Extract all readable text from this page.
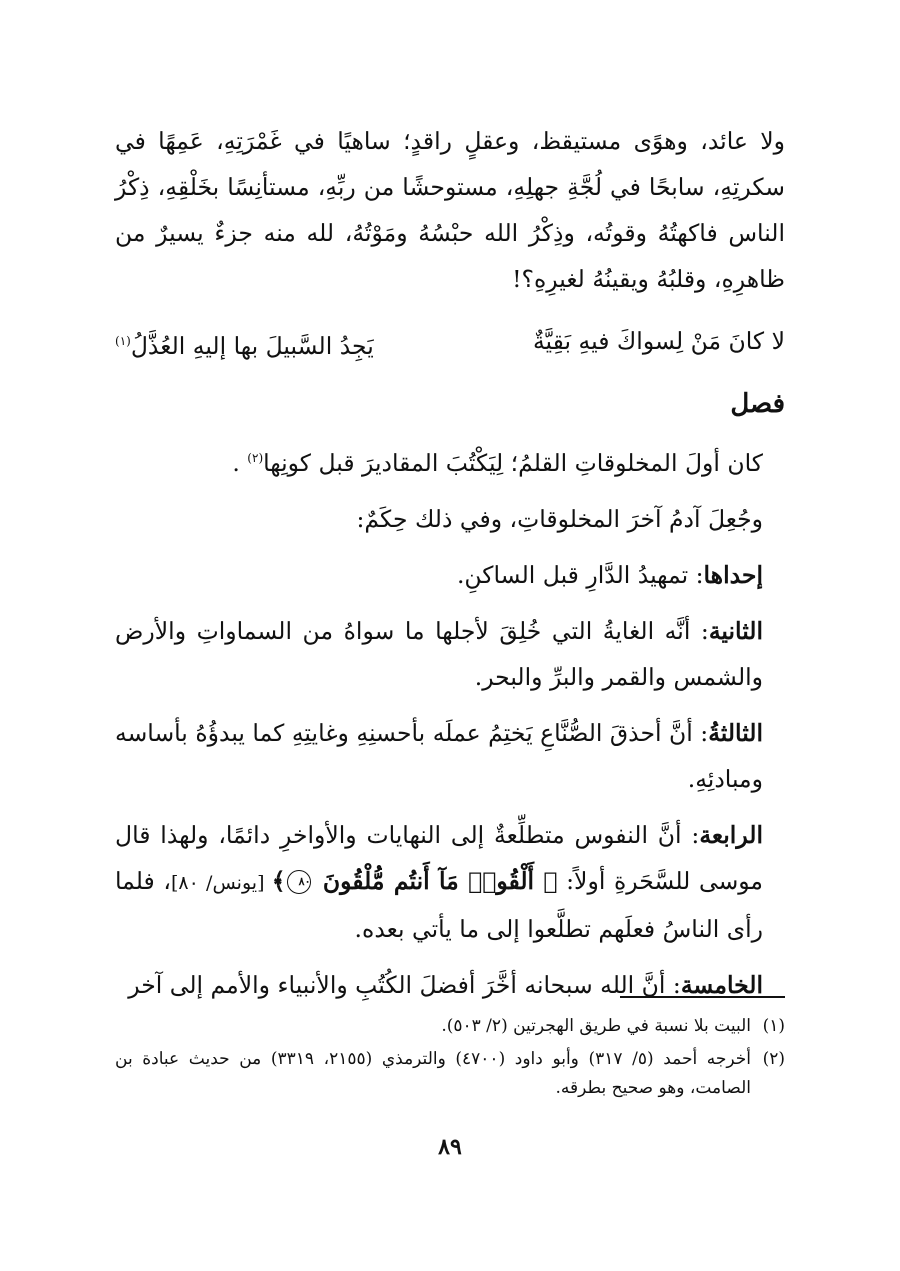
ولا عائد، وهوًى مستيقظ، وعقلٍ راقدٍ؛ ساهيًا في غَمْرَتِهِ، عَمِهًا في سكرتِهِ، سابحًا في لُجَّةِ جهلِهِ، مستوحشًا من ربِّهِ، مستأنِسًا بخَلْقِهِ، ذِكْرُ الناس فاكهتُهُ وقوتُه، وذِكْرُ الله حبْسُهُ ومَوْتُهُ، لله منه جزءٌ يسيرٌ من ظاهرِهِ، وقلبُهُ ويقينُهُ لغيرِهِ؟!

لا كانَ مَنْ لِسواكَ فيهِ بَقِيَّةٌ
يَجِدُ السَّبيلَ بها إليهِ العُذَّلُ$^{(١)}$
فصل

كان أولَ المخلوقاتِ القلمُ؛ لِيَكْتُبَ المقاديرَ قبل كونِها$^{(٢)}$ .

وجُعِلَ آدمُ آخرَ المخلوقاتِ، وفي ذلك حِكَمٌ:

إحداها: تمهيدُ الدَّارِ قبل الساكنِ.

الثانية: أنَّه الغايةُ التي خُلِقَ لأجلها ما سواهُ من السماواتِ والأرض والشمس والقمر والبرِّ والبحر.

الثالثةُ: أنَّ أحذقَ الصُّنَّاعِ يَختِمُ عملَه بأحسنِهِ وغايتِهِ كما يبدؤُهُ بأساسه ومبادئِهِ.

الرابعة: أنَّ النفوس متطلِّعةٌ إلى النهايات والأواخرِ دائمًا، ولهذا قال موسى للسَّحَرةِ أولاً: ﴿ أَلْقُوا۟ مَآ أَنتُم مُّلْقُونَ ٨٠﴾ [يونس/ ٨٠]، فلما رأى الناسُ فعلَهم تطلَّعوا إلى ما يأتي بعده.

الخامسة: أنَّ الله سبحانه أخَّرَ أفضلَ الكُتُبِ والأنبياء والأمم إلى آخر

(١)
البيت بلا نسبة في طريق الهجرتين (٢/ ٥٠٣).
(٢)
أخرجه أحمد (٥/ ٣١٧) وأبو داود (٤٧٠٠) والترمذي (٢١٥٥، ٣٣١٩) من حديث عبادة بن الصامت، وهو صحيح بطرقه.
٨٩
